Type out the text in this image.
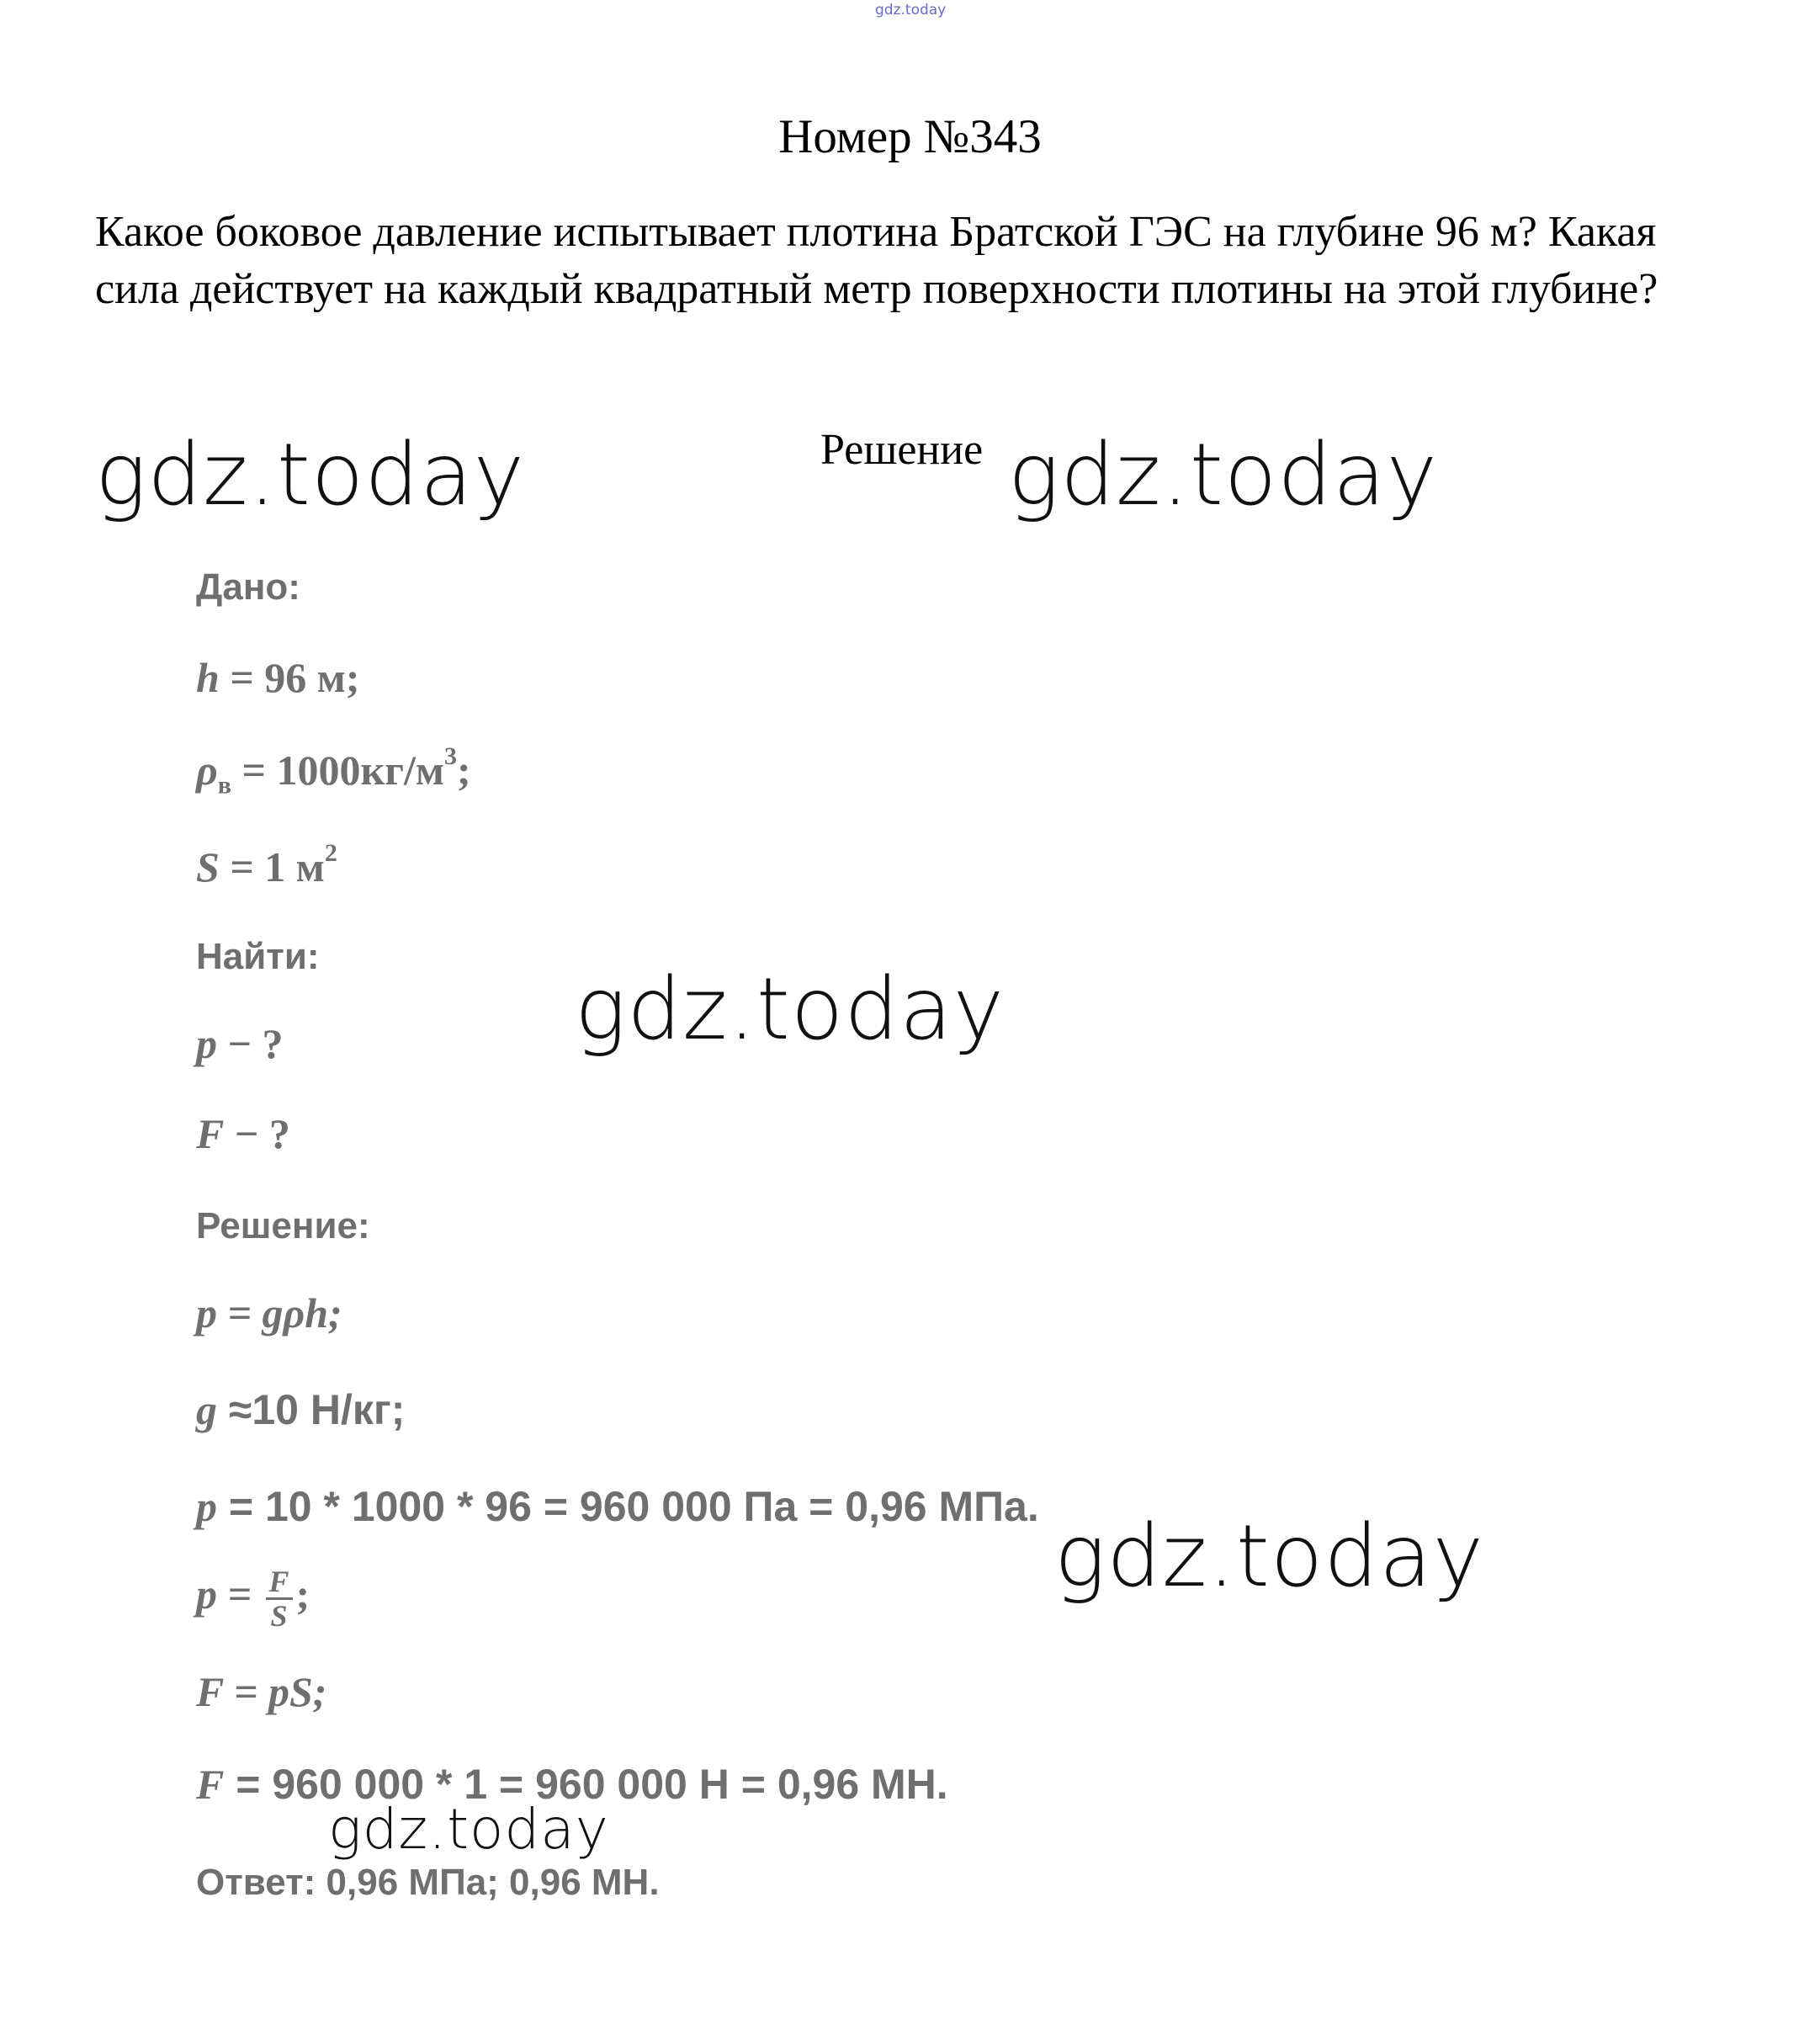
gdz.today
Номер №343

Какое боковое давление испытывает плотина Братской ГЭС на глубине 96 м? Какая сила действует на каждый квадратный метр поверхности плотины на этой глубине?

Решение
gdz.today	gdz.today
gdz.today
gdz.today
gdz.today
Дано:
h = 96 м;
$\rho_в = 1000кг/м^3$;
S = 1 $м^2$
Найти:
p − ?
F − ?
Решение:
p = gρh;
g ≈10 Н/кг;
p = 10 * 1000 * 96 = 960 000 Па = 0,96 МПа.
$p = \frac{F}{S}$ ;
F = pS;
F = 960 000 * 1 = 960 000 Н = 0,96 МН.
Ответ: 0,96 МПа; 0,96 МН.
